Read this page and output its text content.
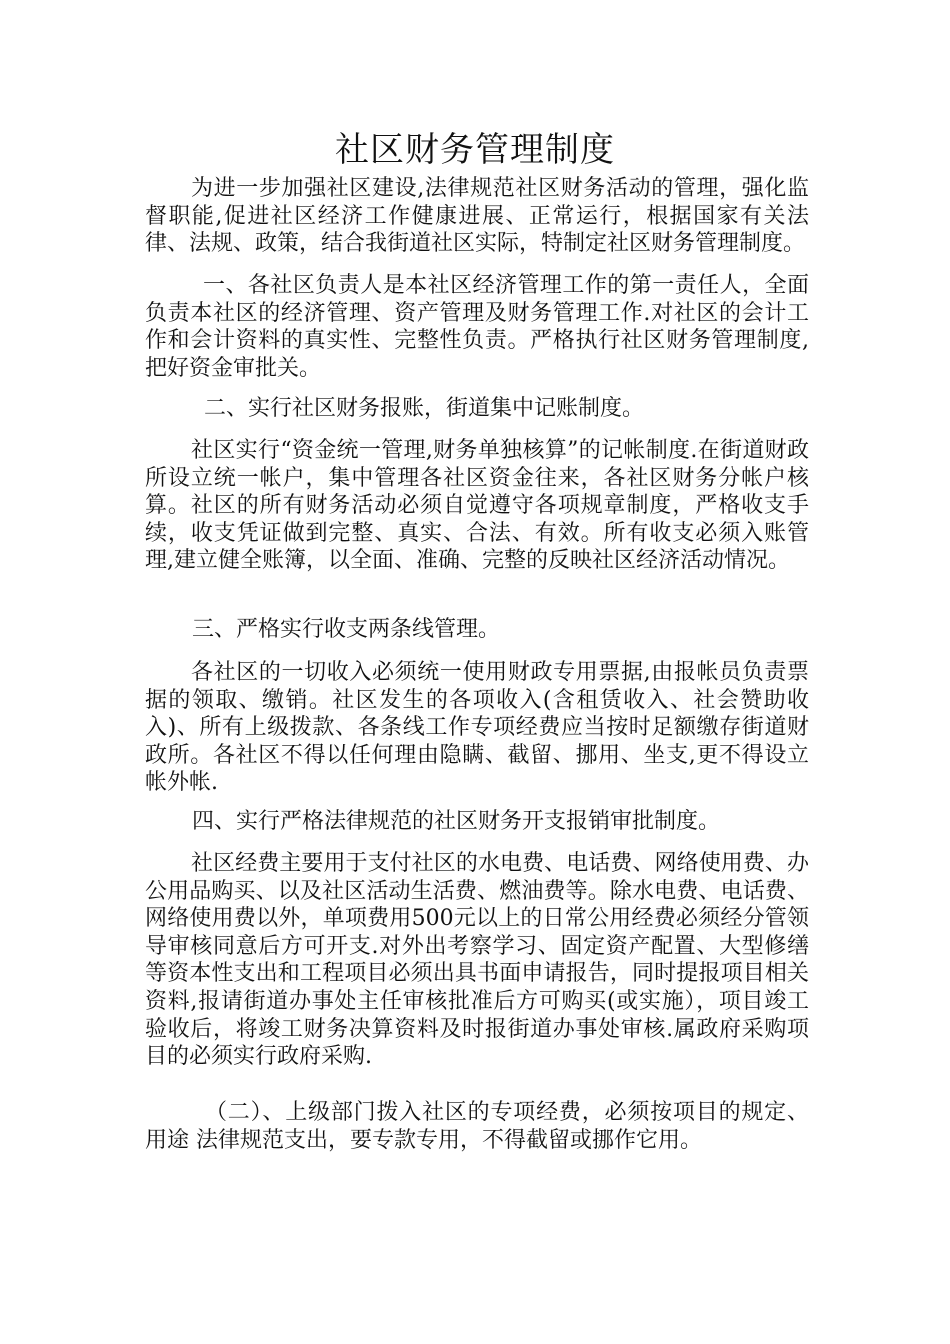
社区财务管理制度

为进一步加强社区建设,法律规范社区财务活动的管理，强化监督职能,促进社区经济工作健康进展、正常运行，根据国家有关法律、法规、政策，结合我街道社区实际，特制定社区财务管理制度。

一、各社区负责人是本社区经济管理工作的第一责任人，全面负责本社区的经济管理、资产管理及财务管理工作.对社区的会计工作和会计资料的真实性、完整性负责。严格执行社区财务管理制度,把好资金审批关。

二、实行社区财务报账，街道集中记账制度。

社区实行“资金统一管理,财务单独核算”的记帐制度.在街道财政所设立统一帐户，集中管理各社区资金往来，各社区财务分帐户核算。社区的所有财务活动必须自觉遵守各项规章制度，严格收支手续，收支凭证做到完整、真实、合法、有效。所有收支必须入账管理,建立健全账簿，以全面、准确、完整的反映社区经济活动情况。

三、严格实行收支两条线管理。

各社区的一切收入必须统一使用财政专用票据,由报帐员负责票据的领取、缴销。社区发生的各项收入(含租赁收入、社会赞助收入)、所有上级拨款、各条线工作专项经费应当按时足额缴存街道财政所。各社区不得以任何理由隐瞒、截留、挪用、坐支,更不得设立帐外帐.

四、实行严格法律规范的社区财务开支报销审批制度。

社区经费主要用于支付社区的水电费、电话费、网络使用费、办公用品购买、以及社区活动生活费、燃油费等。除水电费、电话费、网络使用费以外，单项费用500元以上的日常公用经费必须经分管领导审核同意后方可开支.对外出考察学习、固定资产配置、大型修缮等资本性支出和工程项目必须出具书面申请报告，同时提报项目相关资料,报请街道办事处主任审核批准后方可购买(或实施），项目竣工验收后，将竣工财务决算资料及时报街道办事处审核.属政府采购项目的必须实行政府采购.

（二）、上级部门拨入社区的专项经费，必须按项目的规定、用途 法律规范支出，要专款专用，不得截留或挪作它用。
